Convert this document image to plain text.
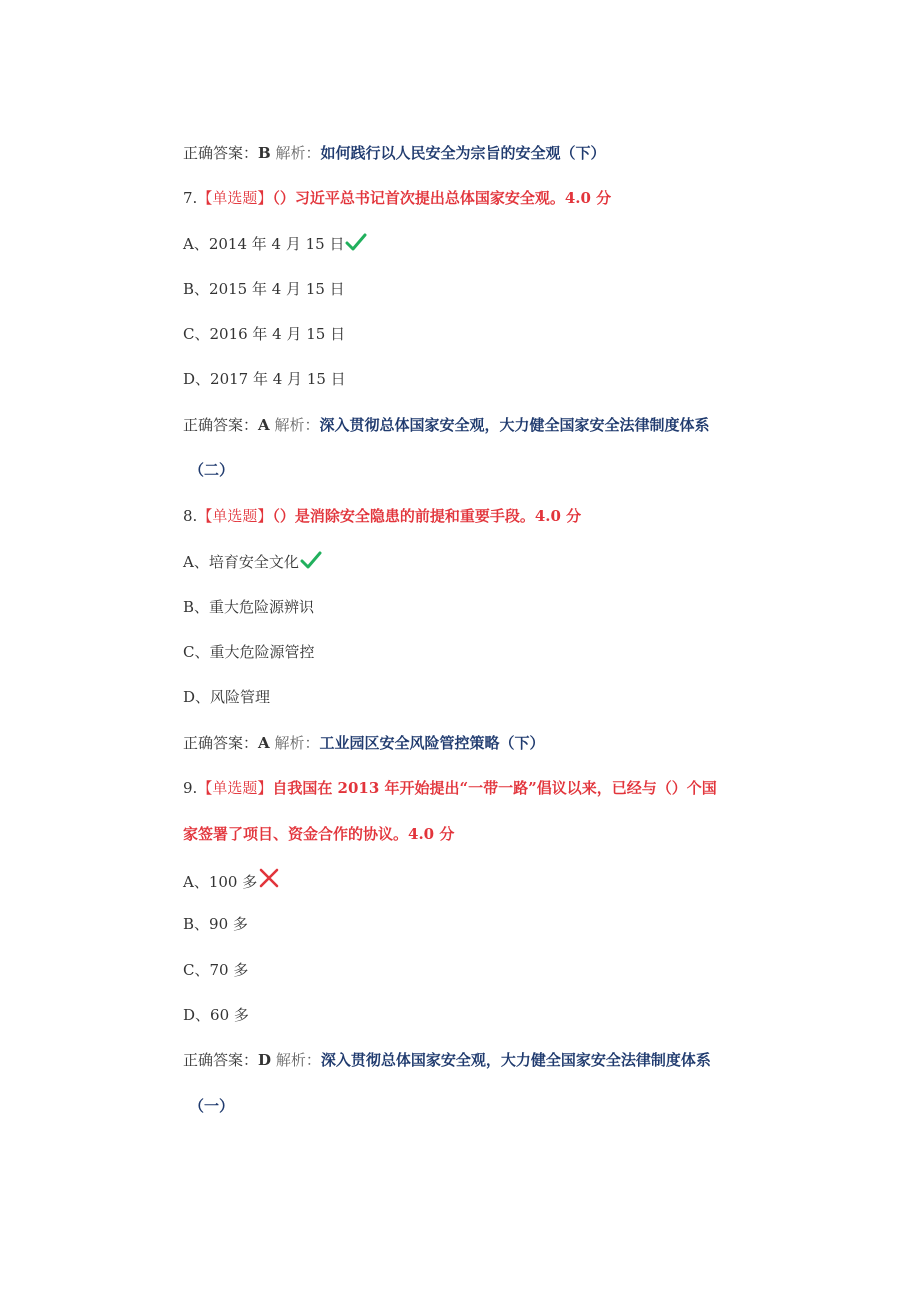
正确答案：B 解析：如何践行以人民安全为宗旨的安全观（下）
7.【单选题】（）习近平总书记首次提出总体国家安全观。4.0 分
A、2014 年 4 月 15 日
B、2015 年 4 月 15 日
C、2016 年 4 月 15 日
D、2017 年 4 月 15 日
正确答案：A 解析：深入贯彻总体国家安全观，大力健全国家安全法律制度体系
（二）
8.【单选题】（）是消除安全隐患的前提和重要手段。4.0 分
A、培育安全文化
B、重大危险源辨识
C、重大危险源管控
D、风险管理
正确答案：A 解析：工业园区安全风险管控策略（下）
9.【单选题】自我国在 2013 年开始提出“一带一路”倡议以来，已经与（）个国
家签署了项目、资金合作的协议。4.0 分
A、100 多
B、90 多
C、70 多
D、60 多
正确答案：D 解析：深入贯彻总体国家安全观，大力健全国家安全法律制度体系
（一）
